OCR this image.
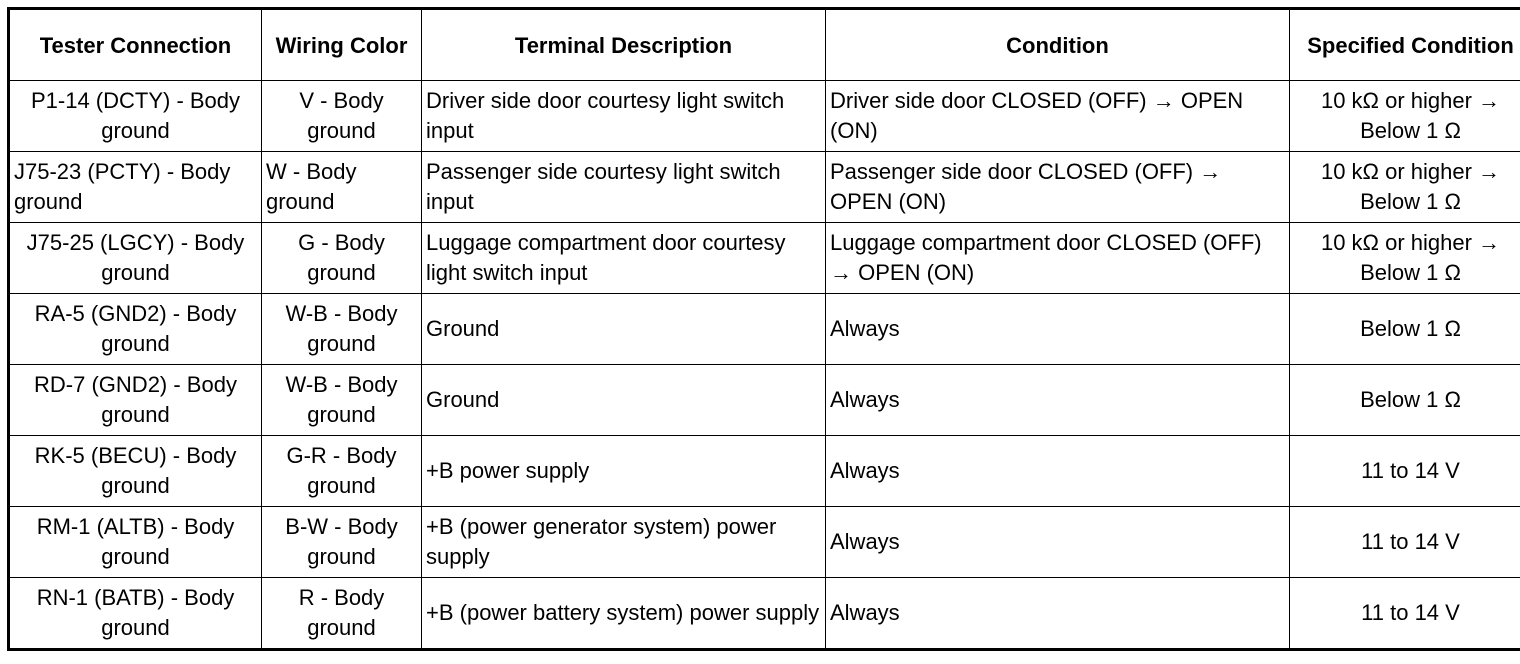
Tester Connection	Wiring Color	Terminal Description	Condition	Specified Condition
P1-14 (DCTY) - Body ground	V - Body ground	Driver side door courtesy light switch input	Driver side door CLOSED (OFF) → OPEN (ON)	10 kΩ or higher → Below 1 Ω
J75-23 (PCTY) - Body ground	W - Body ground	Passenger side courtesy light switch input	Passenger side door CLOSED (OFF) → OPEN (ON)	10 kΩ or higher → Below 1 Ω
J75-25 (LGCY) - Body ground	G - Body ground	Luggage compartment door courtesy light switch input	Luggage compartment door CLOSED (OFF) → OPEN (ON)	10 kΩ or higher → Below 1 Ω
RA-5 (GND2) - Body ground	W-B - Body ground	Ground	Always	Below 1 Ω
RD-7 (GND2) - Body ground	W-B - Body ground	Ground	Always	Below 1 Ω
RK-5 (BECU) - Body ground	G-R - Body ground	+B power supply	Always	11 to 14 V
RM-1 (ALTB) - Body ground	B-W - Body ground	+B (power generator system) power supply	Always	11 to 14 V
RN-1 (BATB) - Body ground	R - Body ground	+B (power battery system) power supply	Always	11 to 14 V
